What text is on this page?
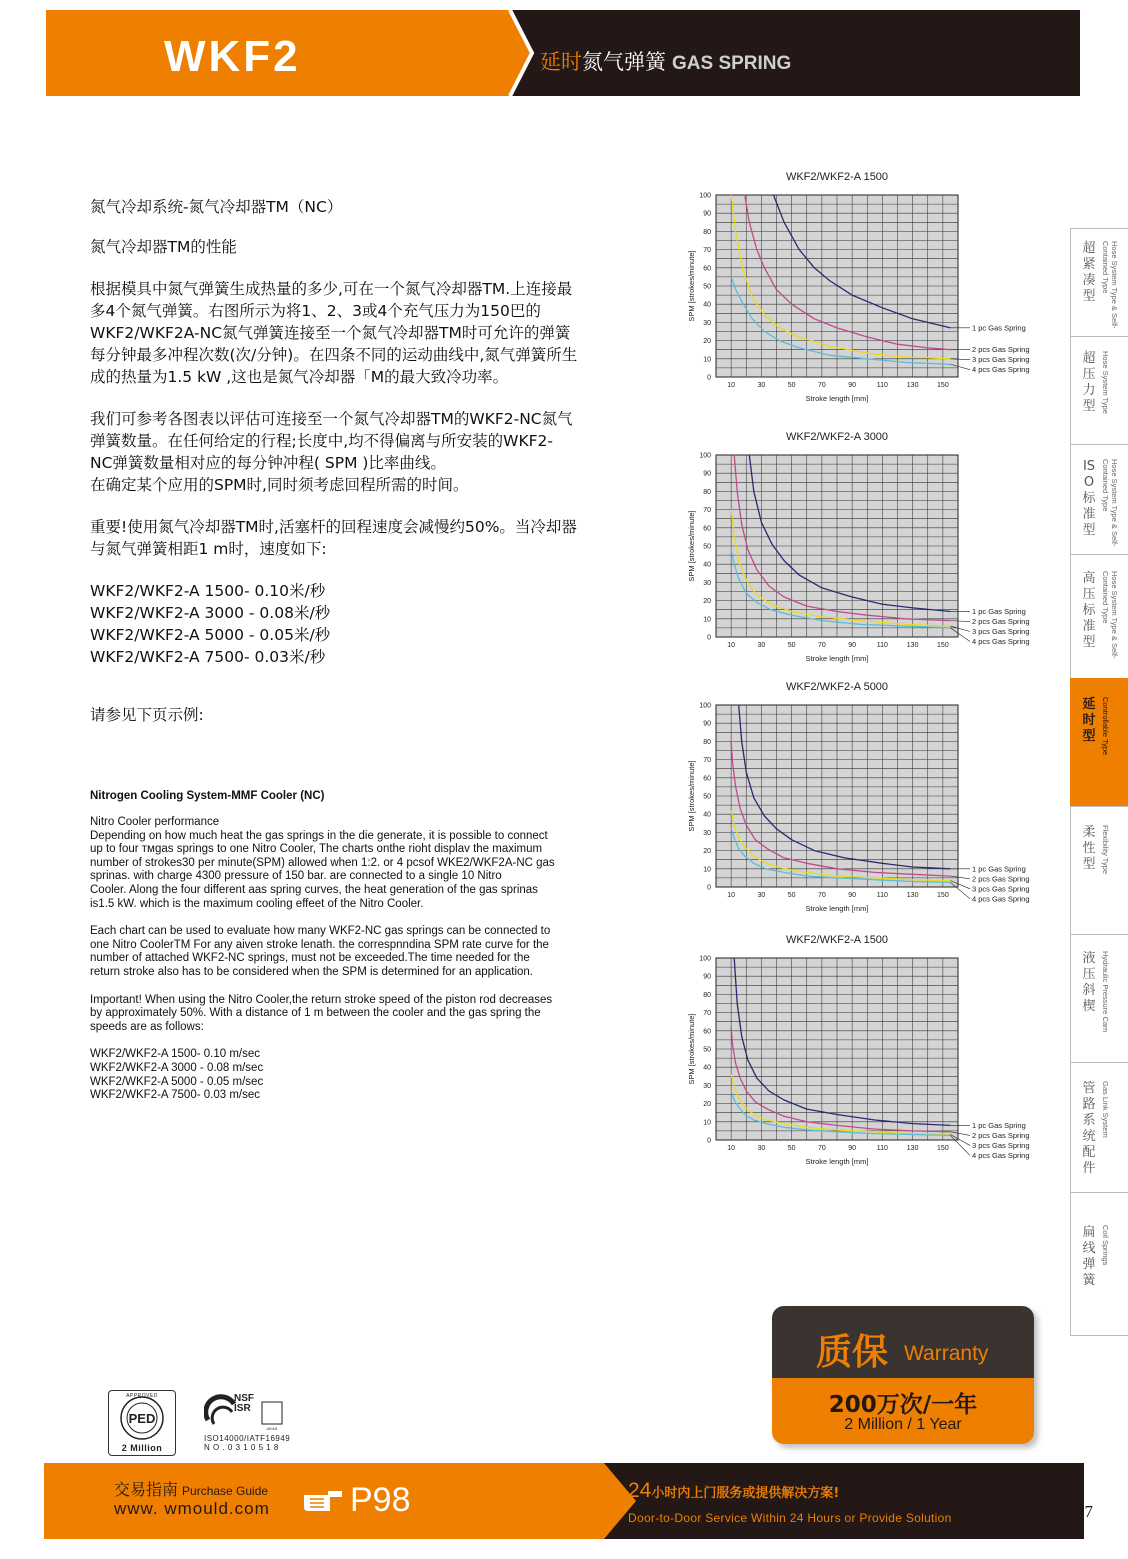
WKF2	延时氮气弹簧 GAS SPRING
氮气冷却系统-氮气冷却器TM（NC）
氮气冷却器TM的性能
根据模具中氮气弹簧生成热量的多少,可在一个氮气冷却器TM.上连接最
多4个氮气弹簧。右图所示为将1、2、3或4个充气压力为150巴的
WKF2/WKF2A-NC氮气弹簧连接至一个氮气冷却器TM时可允许的弹簧
每分钟最多冲程次数(次/分钟)。在四条不同的运动曲线中,氮气弹簧所生
成的热量为1.5 kW ,这也是氮气冷却器「M的最大致冷功率。
我们可参考各图表以评估可连接至一个氮气冷却器TM的WKF2-NC氮气
弹簧数量。在任何给定的行程;长度中,均不得偏离与所安装的WKF2-
NC弹簧数量相对应的每分钟冲程( SPM )比率曲线。
在确定某个应用的SPM时,同时须考虑回程所需的时间。
重要!使用氮气冷却器TM时,活塞杆的回程速度会减慢约50%。当冷却器
与氮气弹簧相距1 m时，速度如下:
WKF2/WKF2-A 1500- 0.10米/秒
WKF2/WKF2-A 3000 - 0.08米/秒
WKF2/WKF2-A 5000 - 0.05米/秒
WKF2/WKF2-A 7500- 0.03米/秒
请参见下页示例:
Nitrogen Cooling System-MMF Cooler (NC)
Nitro Cooler performance
Depending on how much heat the gas springs in the die generate, it is possible to connect
up to four ᴛᴍgas springs to one Nitro Cooler, The charts onthe rioht displav the maximum
number of strokes30 per minute(SPM) allowed when 1:2. or 4 pcsof WKE2/WKF2A-NC gas
sprinas. with charge 4300 pressure of 150 bar. are connected to a single 10 Nitro
Cooler. Along the four different aas spring curves, the heat generation of the gas sprinas
is1.5 kW. which is the maximum cooling effeet of the Nitro Cooler.
Each chart can be used to evaluate how many WKF2-NC gas springs can be connected to
one Nitro CoolerTM For any aiven stroke lenath. the correspnndina SPM rate curve for the
number of attached WKF2-NC springs, must not be exceeded.The time needed for the
return stroke also has to be considered when the SPM is determined for an application.
Important! When using the Nitro Cooler,the return stroke speed of the piston rod decreases
by approximately 50%. With a distance of 1 m between the cooler and the gas spring the
speeds are as follows:
WKF2/WKF2-A 1500- 0.10 m/sec
WKF2/WKF2-A 3000 - 0.08 m/sec
WKF2/WKF2-A 5000 - 0.05 m/sec
WKF2/WKF2-A 7500- 0.03 m/sec
WKF2/WKF2-A 1500
0
10
20
30
40
50
60
70
80
90
100
10	30	50	70	90	110	130	150
Stroke length [mm]
SPM [strokes/minute]
1 pc Gas Spring
2 pcs Gas Spring
3 pcs Gas Spring
4 pcs Gas Spring
WKF2/WKF2-A 3000
0
10
20
30
40
50
60
70
80
90
100
10	30	50	70	90	110	130	150
Stroke length [mm]
SPM [strokes/minute]
1 pc Gas Spring
2 pcs Gas Spring
3 pcs Gas Spring
4 pcs Gas Spring
WKF2/WKF2-A 5000
0
10
20
30
40
50
60
70
80
90
100
10	30	50	70	90	110	130	150
Stroke length [mm]
SPM [strokes/minute]
1 pc Gas Spring
2 pcs Gas Spring
3 pcs Gas Spring
4 pcs Gas Spring
WKF2/WKF2-A 1500
0
10
20
30
40
50
60
70
80
90
100
10	30	50	70	90	110	130	150
Stroke length [mm]
SPM [strokes/minute]
1 pc Gas Spring
2 pcs Gas Spring
3 pcs Gas Spring
4 pcs Gas Spring
超紧凑型	Hose System Type & Self-Contained Type
超压力型 Hose System Type
ISO标准型	Hose System Type & Self-Contained Type
高压标准型	Hose System Type & Self-Contained Type
延时型 Controllable Type
柔性型 Flexibility Type
液压斜楔 Hydraulic Pressure Cam
管路系统配件
Gas Link System
扁线弹簧
Coil Springs
质保 Warranty
200万次/一年
2 Million / 1 Year
PED
APPROVED
2 Million
NSF
ISR
UKAS
ISO14000/IATF16949
N O . 0 3 1 0 5 1 8
交易指南 Purchase Guide
www. wmould.com P98	24小时内上门服务或提供解决方案!
Door-to-Door Service Within 24 Hours or Provide Solution	77
